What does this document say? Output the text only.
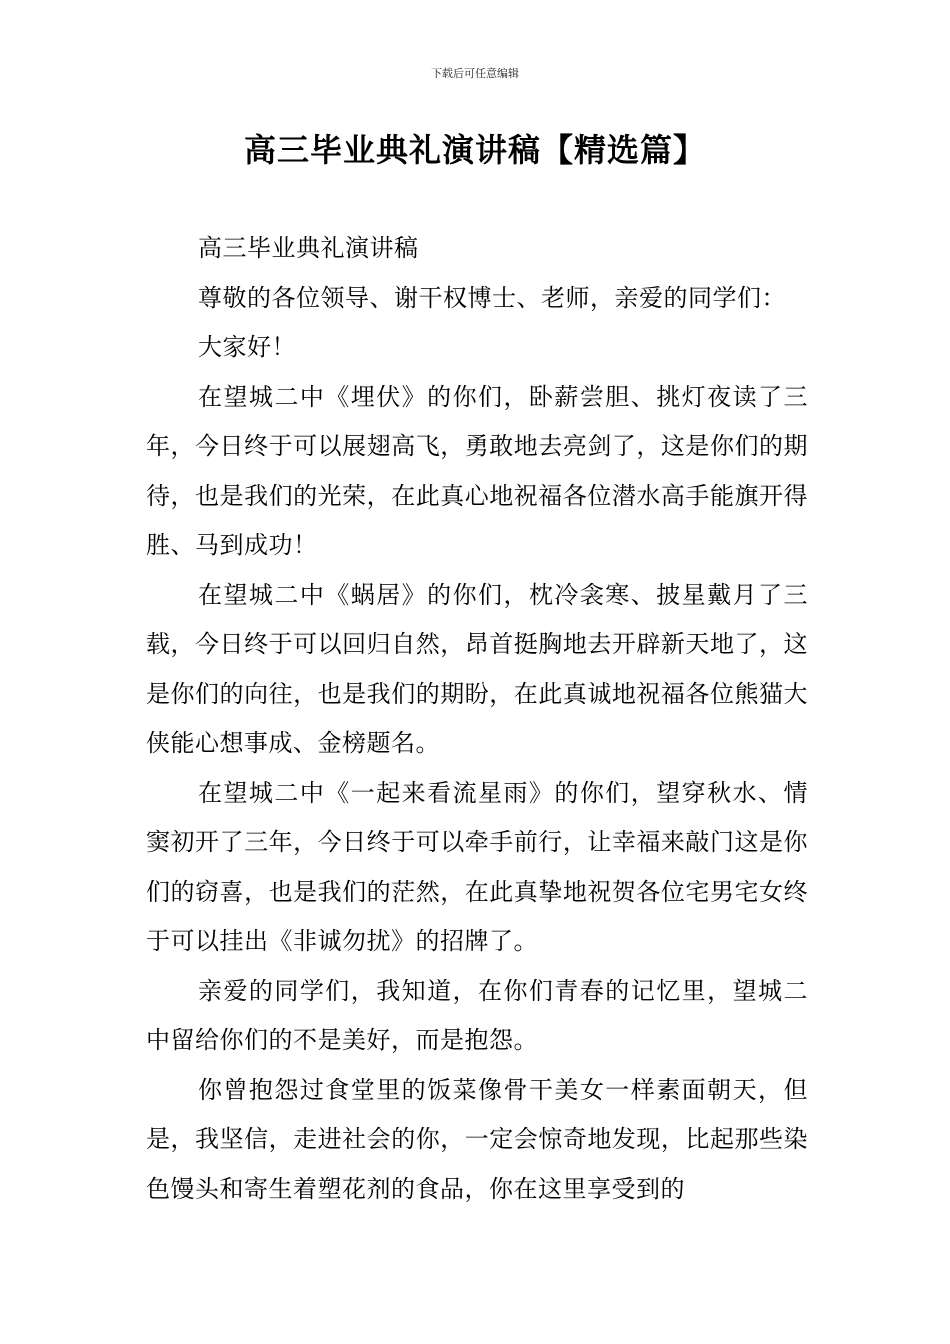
下载后可任意编辑
高三毕业典礼演讲稿【精选篇】

高三毕业典礼演讲稿

尊敬的各位领导、谢干权博士、老师，亲爱的同学们：

大家好！

在望城二中《埋伏》的你们，卧薪尝胆、挑灯夜读了三年，今日终于可以展翅高飞，勇敢地去亮剑了，这是你们的期待，也是我们的光荣，在此真心地祝福各位潜水高手能旗开得胜、马到成功！

在望城二中《蜗居》的你们，枕冷衾寒、披星戴月了三载，今日终于可以回归自然，昂首挺胸地去开辟新天地了，这是你们的向往，也是我们的期盼，在此真诚地祝福各位熊猫大侠能心想事成、金榜题名。

在望城二中《一起来看流星雨》的你们，望穿秋水、情窦初开了三年，今日终于可以牵手前行，让幸福来敲门这是你们的窃喜，也是我们的茫然，在此真挚地祝贺各位宅男宅女终于可以挂出《非诚勿扰》的招牌了。

亲爱的同学们，我知道，在你们青春的记忆里，望城二中留给你们的不是美好，而是抱怨。

你曾抱怨过食堂里的饭菜像骨干美女一样素面朝天，但是，我坚信，走进社会的你，一定会惊奇地发现，比起那些染色馒头和寄生着塑花剂的食品，你在这里享受到的
